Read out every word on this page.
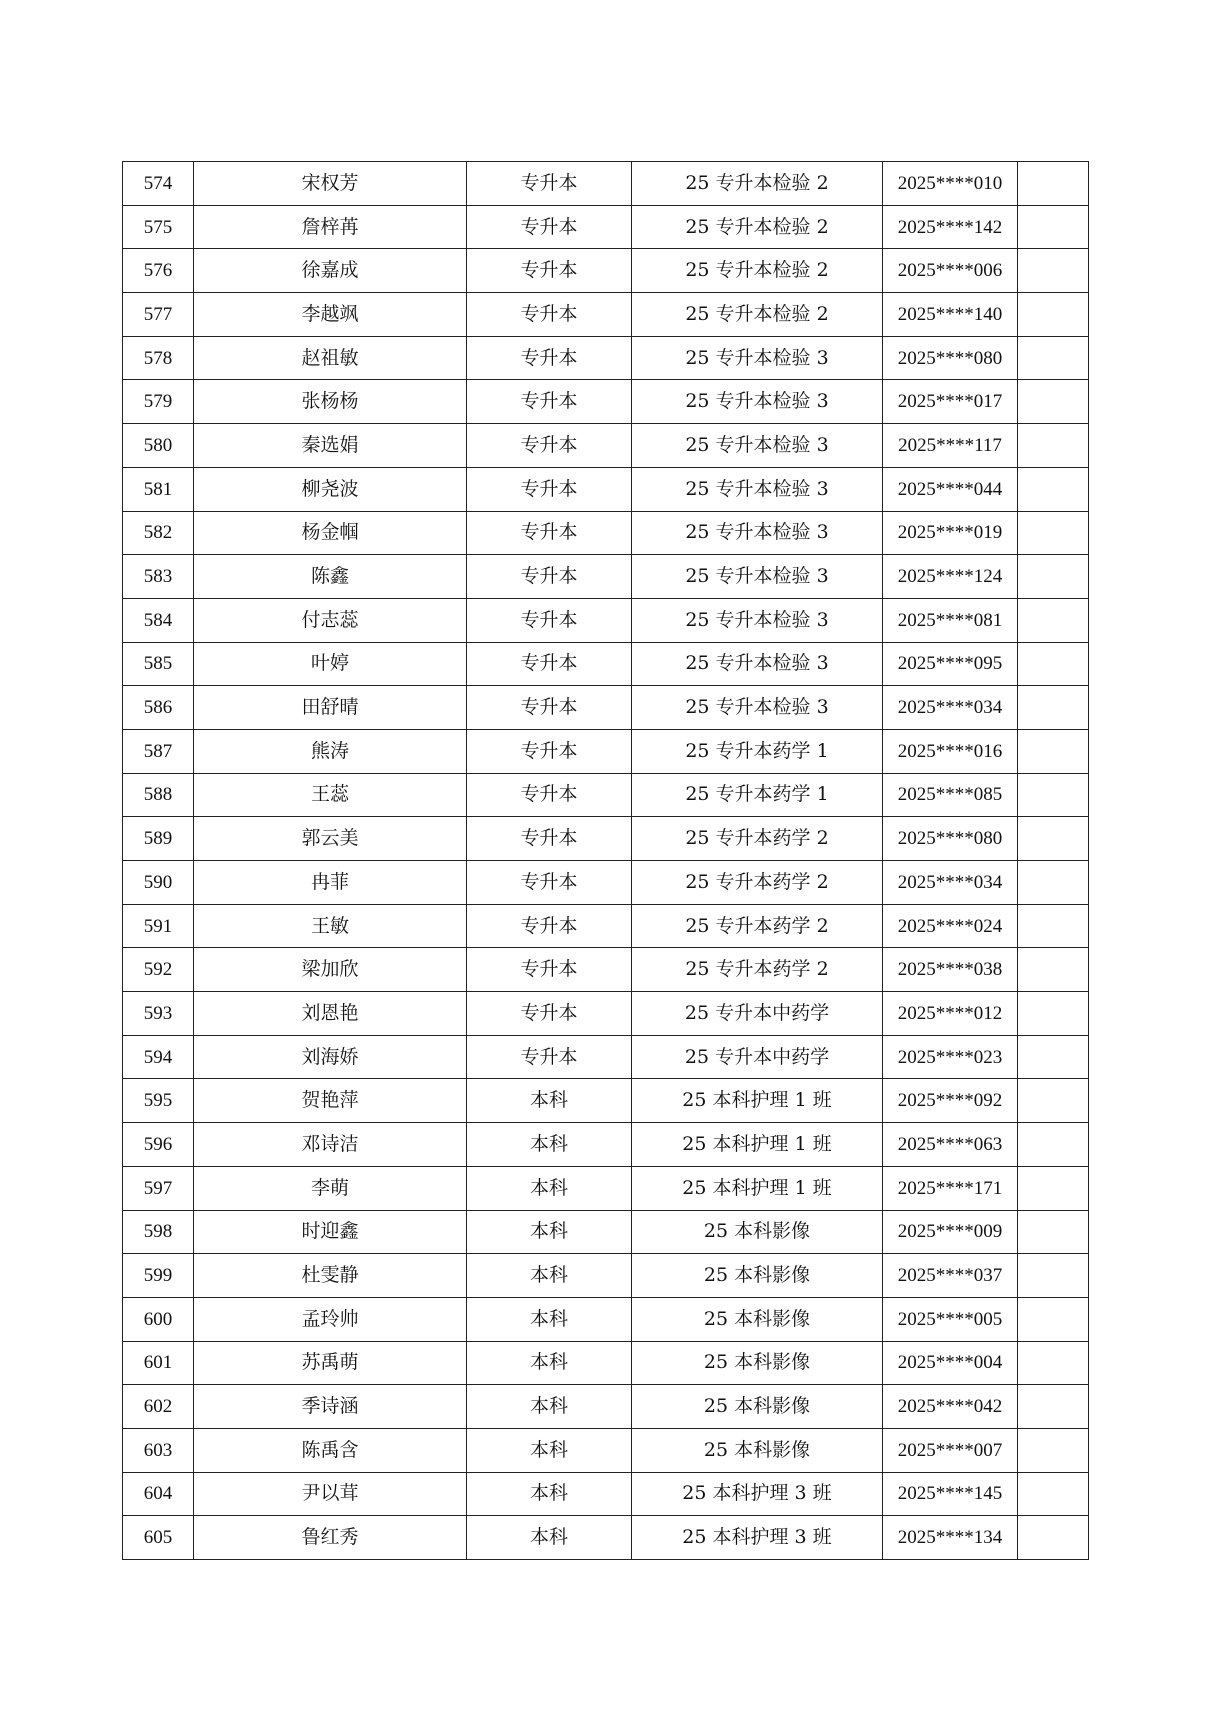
574	宋权芳	专升本	25 专升本检验 2	2025****010	
575	詹梓苒	专升本	25 专升本检验 2	2025****142	
576	徐嘉成	专升本	25 专升本检验 2	2025****006	
577	李越飒	专升本	25 专升本检验 2	2025****140	
578	赵祖敏	专升本	25 专升本检验 3	2025****080	
579	张杨杨	专升本	25 专升本检验 3	2025****017	
580	秦选娟	专升本	25 专升本检验 3	2025****117	
581	柳尧波	专升本	25 专升本检验 3	2025****044	
582	杨金帼	专升本	25 专升本检验 3	2025****019	
583	陈鑫	专升本	25 专升本检验 3	2025****124	
584	付志蕊	专升本	25 专升本检验 3	2025****081	
585	叶婷	专升本	25 专升本检验 3	2025****095	
586	田舒晴	专升本	25 专升本检验 3	2025****034	
587	熊涛	专升本	25 专升本药学 1	2025****016	
588	王蕊	专升本	25 专升本药学 1	2025****085	
589	郭云美	专升本	25 专升本药学 2	2025****080	
590	冉菲	专升本	25 专升本药学 2	2025****034	
591	王敏	专升本	25 专升本药学 2	2025****024	
592	梁加欣	专升本	25 专升本药学 2	2025****038	
593	刘恩艳	专升本	25 专升本中药学	2025****012	
594	刘海娇	专升本	25 专升本中药学	2025****023	
595	贺艳萍	本科	25 本科护理 1 班	2025****092	
596	邓诗洁	本科	25 本科护理 1 班	2025****063	
597	李萌	本科	25 本科护理 1 班	2025****171	
598	时迎鑫	本科	25 本科影像	2025****009	
599	杜雯静	本科	25 本科影像	2025****037	
600	孟玲帅	本科	25 本科影像	2025****005	
601	苏禹萌	本科	25 本科影像	2025****004	
602	季诗涵	本科	25 本科影像	2025****042	
603	陈禹含	本科	25 本科影像	2025****007	
604	尹以茸	本科	25 本科护理 3 班	2025****145	
605	鲁红秀	本科	25 本科护理 3 班	2025****134	
